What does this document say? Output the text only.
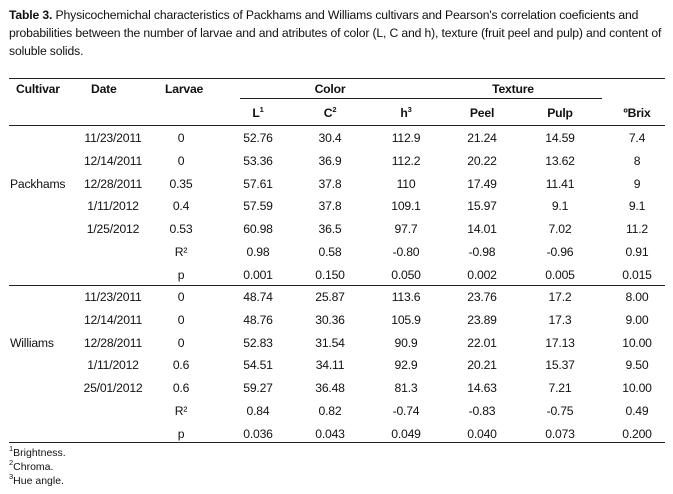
Table 3. Physicochemichal characteristics of Packhams and Williams cultivars and Pearson's correlation coeficients and probabilities between the number of larvae and and atributes of color (L, C and h), texture (fruit peel and pulp) and content of soluble solids.
Cultivar	Date	Larvae	Color	Texture
$L^1$	$C^2$	$h^3$	Peel	Pulp	ºBrix
Packhams
11/23/2011	0	52.76	30.4	112.9	21.24	14.59	7.4
12/14/2011	0	53.36	36.9	112.2	20.22	13.62	8
12/28/2011 0.35	57.61	37.8	110	17.49	11.41	9
1/11/2012	0.4	57.59	37.8	109.1	15.97	9.1	9.1
1/25/2012 0.53	60.98	36.5	97.7	14.01	7.02	11.2
R²	0.98	0.58	-0.80	-0.98	-0.96	0.91
p	0.001	0.150	0.050	0.002	0.005	0.015
Williams
11/23/2011	0	48.74	25.87	113.6	23.76	17.2	8.00
12/14/2011	0	48.76	30.36	105.9	23.89	17.3	9.00
12/28/2011	0	52.83	31.54	90.9	22.01	17.13	10.00
1/11/2012	0.6	54.51	34.11	92.9	20.21	15.37	9.50
25/01/2012 0.6	59.27	36.48	81.3	14.63	7.21	10.00
R²	0.84	0.82	-0.74	-0.83	-0.75	0.49
p	0.036	0.043	0.049	0.040	0.073	0.200
$^1$Brightness.
$^2$Chroma.
$^3$Hue angle.
